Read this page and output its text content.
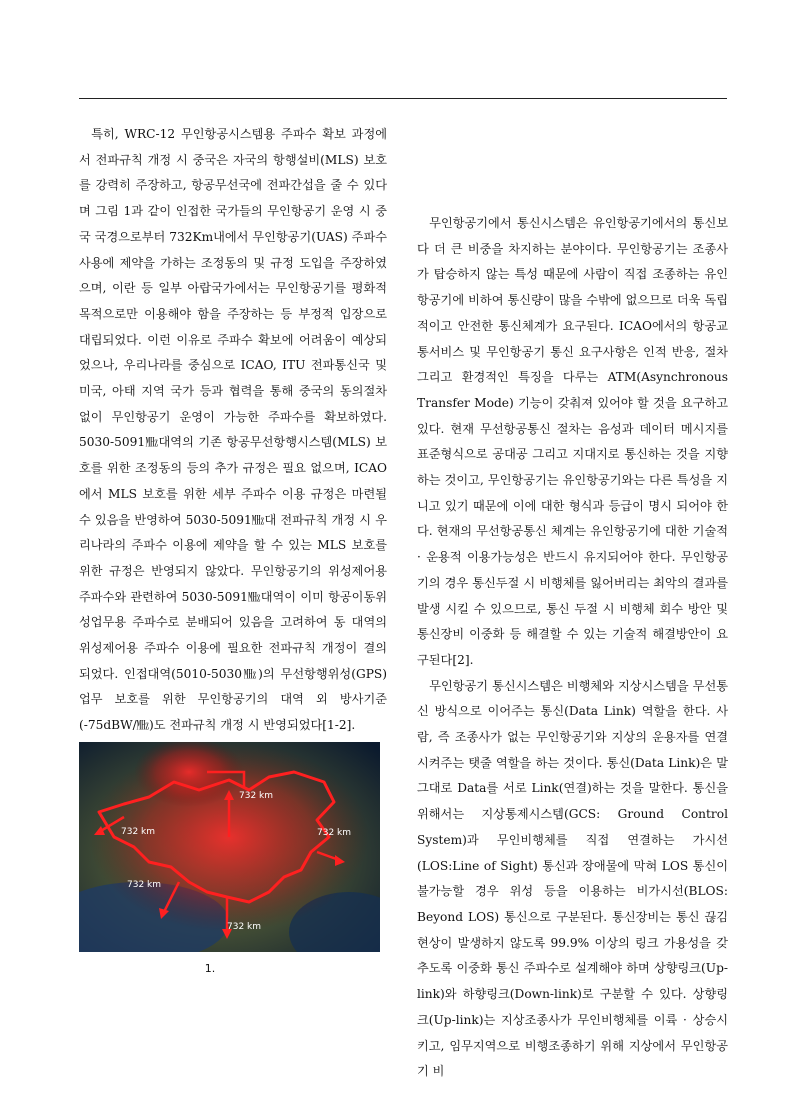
특히, WRC-12 무인항공시스템용 주파수 확보 과정에서 전파규칙 개정 시 중국은 자국의 항행설비(MLS) 보호를 강력히 주장하고, 항공무선국에 전파간섭을 줄 수 있다며 그림 1과 같이 인접한 국가들의 무인항공기 운영 시 중국 국경으로부터 732Km내에서 무인항공기(UAS) 주파수 사용에 제약을 가하는 조정동의 및 규정 도입을 주장하였으며, 이란 등 일부 아랍국가에서는 무인항공기를 평화적 목적으로만 이용해야 함을 주장하는 등 부정적 입장으로 대립되었다. 이런 이유로 주파수 확보에 어려움이 예상되었으나, 우리나라를 중심으로 ICAO, ITU 전파통신국 및 미국, 아태 지역 국가 등과 협력을 통해 중국의 동의절차 없이 무인항공기 운영이 가능한 주파수를 확보하였다. 5030-5091㎒대역의 기존 항공무선항행시스템(MLS) 보호를 위한 조정동의 등의 추가 규정은 필요 없으며, ICAO에서 MLS 보호를 위한 세부 주파수 이용 규정은 마련될 수 있음을 반영하여 5030-5091㎒대 전파규칙 개정 시 우리나라의 주파수 이용에 제약을 할 수 있는 MLS 보호를 위한 규정은 반영되지 않았다. 무인항공기의 위성제어용 주파수와 관련하여 5030-5091㎒대역이 이미 항공이동위성업무용 주파수로 분배되어 있음을 고려하여 동 대역의 위성제어용 주파수 이용에 필요한 전파규칙 개정이 결의 되었다. 인접대역(5010-5030㎒)의 무선항행위성(GPS) 업무 보호를 위한 무인항공기의 대역 외 방사기준(-75dBW/㎒)도 전파규칙 개정 시 반영되었다[1-2].

732 km
732 km
732 km
732 km
732 km
1.

무인항공기에서 통신시스템은 유인항공기에서의 통신보다 더 큰 비중을 차지하는 분야이다. 무인항공기는 조종사가 탑승하지 않는 특성 때문에 사람이 직접 조종하는 유인항공기에 비하여 통신량이 많을 수밖에 없으므로 더욱 독립적이고 안전한 통신체계가 요구된다. ICAO에서의 항공교통서비스 및 무인항공기 통신 요구사항은 인적 반응, 절차 그리고 환경적인 특징을 다루는 ATM(Asynchronous Transfer Mode) 기능이 갖춰져 있어야 할 것을 요구하고 있다. 현재 무선항공통신 절차는 음성과 데이터 메시지를 표준형식으로 공대공 그리고 지대지로 통신하는 것을 지향하는 것이고, 무인항공기는 유인항공기와는 다른 특성을 지니고 있기 때문에 이에 대한 형식과 등급이 명시 되어야 한다. 현재의 무선항공통신 체계는 유인항공기에 대한 기술적· 운용적 이용가능성은 반드시 유지되어야 한다. 무인항공기의 경우 통신두절 시 비행체를 잃어버리는 최악의 결과를 발생 시킬 수 있으므로, 통신 두절 시 비행체 회수 방안 및 통신장비 이중화 등 해결할 수 있는 기술적 해결방안이 요구된다[2].

무인항공기 통신시스템은 비행체와 지상시스템을 무선통신 방식으로 이어주는 통신(Data Link) 역할을 한다. 사람, 즉 조종사가 없는 무인항공기와 지상의 운용자를 연결시켜주는 탯줄 역할을 하는 것이다. 통신(Data Link)은 말 그대로 Data를 서로 Link(연결)하는 것을 말한다. 통신을 위해서는 지상통제시스템(GCS: Ground Control System)과 무인비행체를 직접 연결하는 가시선(LOS:Line of Sight) 통신과 장애물에 막혀 LOS 통신이 불가능할 경우 위성 등을 이용하는 비가시선(BLOS: Beyond LOS) 통신으로 구분된다. 통신장비는 통신 끊김 현상이 발생하지 않도록 99.9% 이상의 링크 가용성을 갖추도록 이중화 통신 주파수로 설계해야 하며 상향링크(Up-link)와 하향링크(Down-link)로 구분할 수 있다. 상향링크(Up-link)는 지상조종사가 무인비행체를 이륙 · 상승시키고, 임무지역으로 비행조종하기 위해 지상에서 무인항공기 비
